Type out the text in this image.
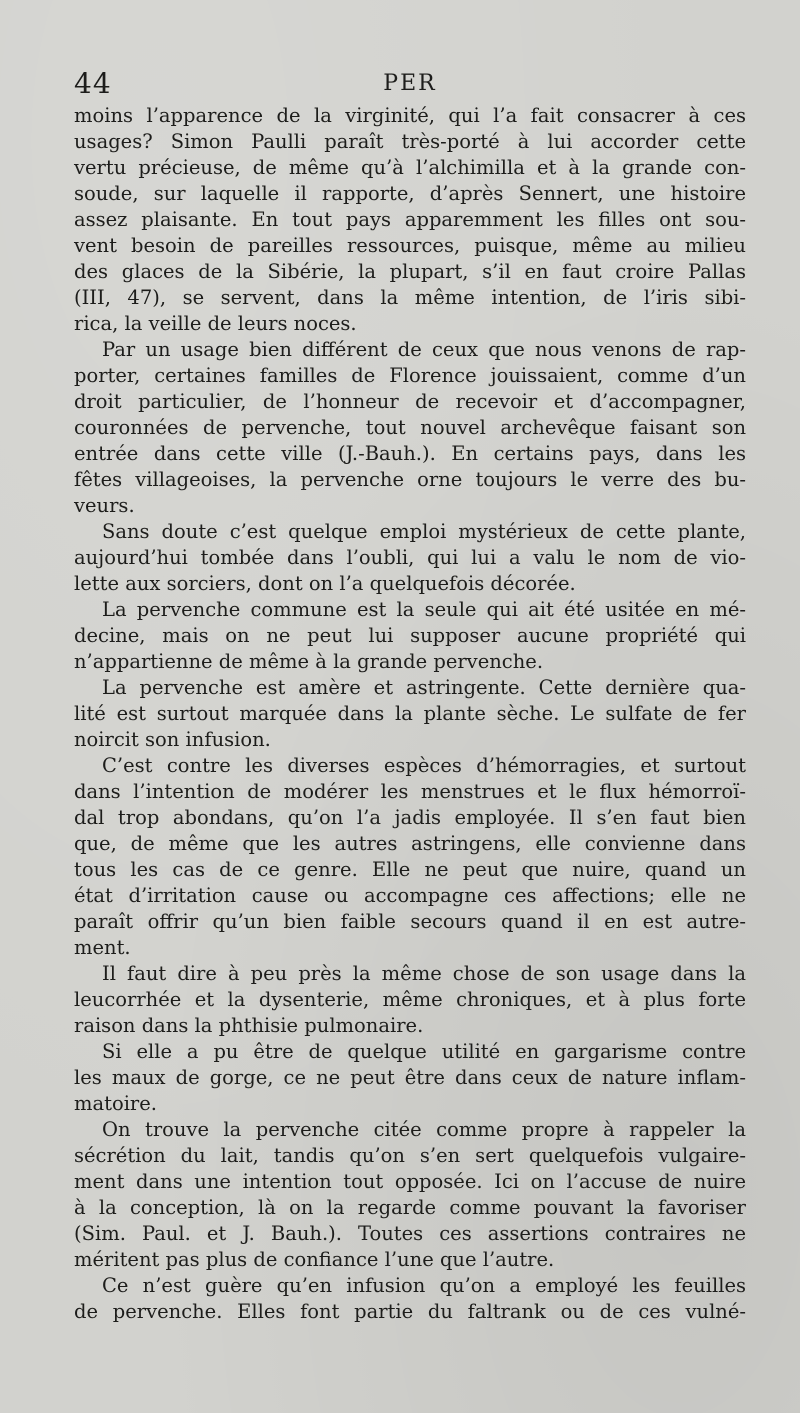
44	PER
moins l’apparence de la virginité, qui l’a fait consacrer à ces
usages? Simon Paulli paraît très-porté à lui accorder cette
vertu précieuse, de même qu’à l’alchimilla et à la grande con-
soude, sur laquelle il rapporte, d’après Sennert, une histoire
assez plaisante. En tout pays apparemment les filles ont sou-
vent besoin de pareilles ressources, puisque, même au milieu
des glaces de la Sibérie, la plupart, s’il en faut croire Pallas
(III, 47), se servent, dans la même intention, de l’iris sibi-
rica, la veille de leurs noces.
Par un usage bien différent de ceux que nous venons de rap-
porter, certaines familles de Florence jouissaient, comme d’un
droit particulier, de l’honneur de recevoir et d’accompagner,
couronnées de pervenche, tout nouvel archevêque faisant son
entrée dans cette ville (J.-Bauh.). En certains pays, dans les
fêtes villageoises, la pervenche orne toujours le verre des bu-
veurs.
Sans doute c’est quelque emploi mystérieux de cette plante,
aujourd’hui tombée dans l’oubli, qui lui a valu le nom de vio-
lette aux sorciers, dont on l’a quelquefois décorée.
La pervenche commune est la seule qui ait été usitée en mé-
decine, mais on ne peut lui supposer aucune propriété qui
n’appartienne de même à la grande pervenche.
La pervenche est amère et astringente. Cette dernière qua-
lité est surtout marquée dans la plante sèche. Le sulfate de fer
noircit son infusion.
C’est contre les diverses espèces d’hémorragies, et surtout
dans l’intention de modérer les menstrues et le flux hémorroï-
dal trop abondans, qu’on l’a jadis employée. Il s’en faut bien
que, de même que les autres astringens, elle convienne dans
tous les cas de ce genre. Elle ne peut que nuire, quand un
état d’irritation cause ou accompagne ces affections; elle ne
paraît offrir qu’un bien faible secours quand il en est autre-
ment.
Il faut dire à peu près la même chose de son usage dans la
leucorrhée et la dysenterie, même chroniques, et à plus forte
raison dans la phthisie pulmonaire.
Si elle a pu être de quelque utilité en gargarisme contre
les maux de gorge, ce ne peut être dans ceux de nature inflam-
matoire.
On trouve la pervenche citée comme propre à rappeler la
sécrétion du lait, tandis qu’on s’en sert quelquefois vulgaire-
ment dans une intention tout opposée. Ici on l’accuse de nuire
à la conception, là on la regarde comme pouvant la favoriser
(Sim. Paul. et J. Bauh.). Toutes ces assertions contraires ne
méritent pas plus de confiance l’une que l’autre.
Ce n’est guère qu’en infusion qu’on a employé les feuilles
de pervenche. Elles font partie du faltrank ou de ces vulné-
